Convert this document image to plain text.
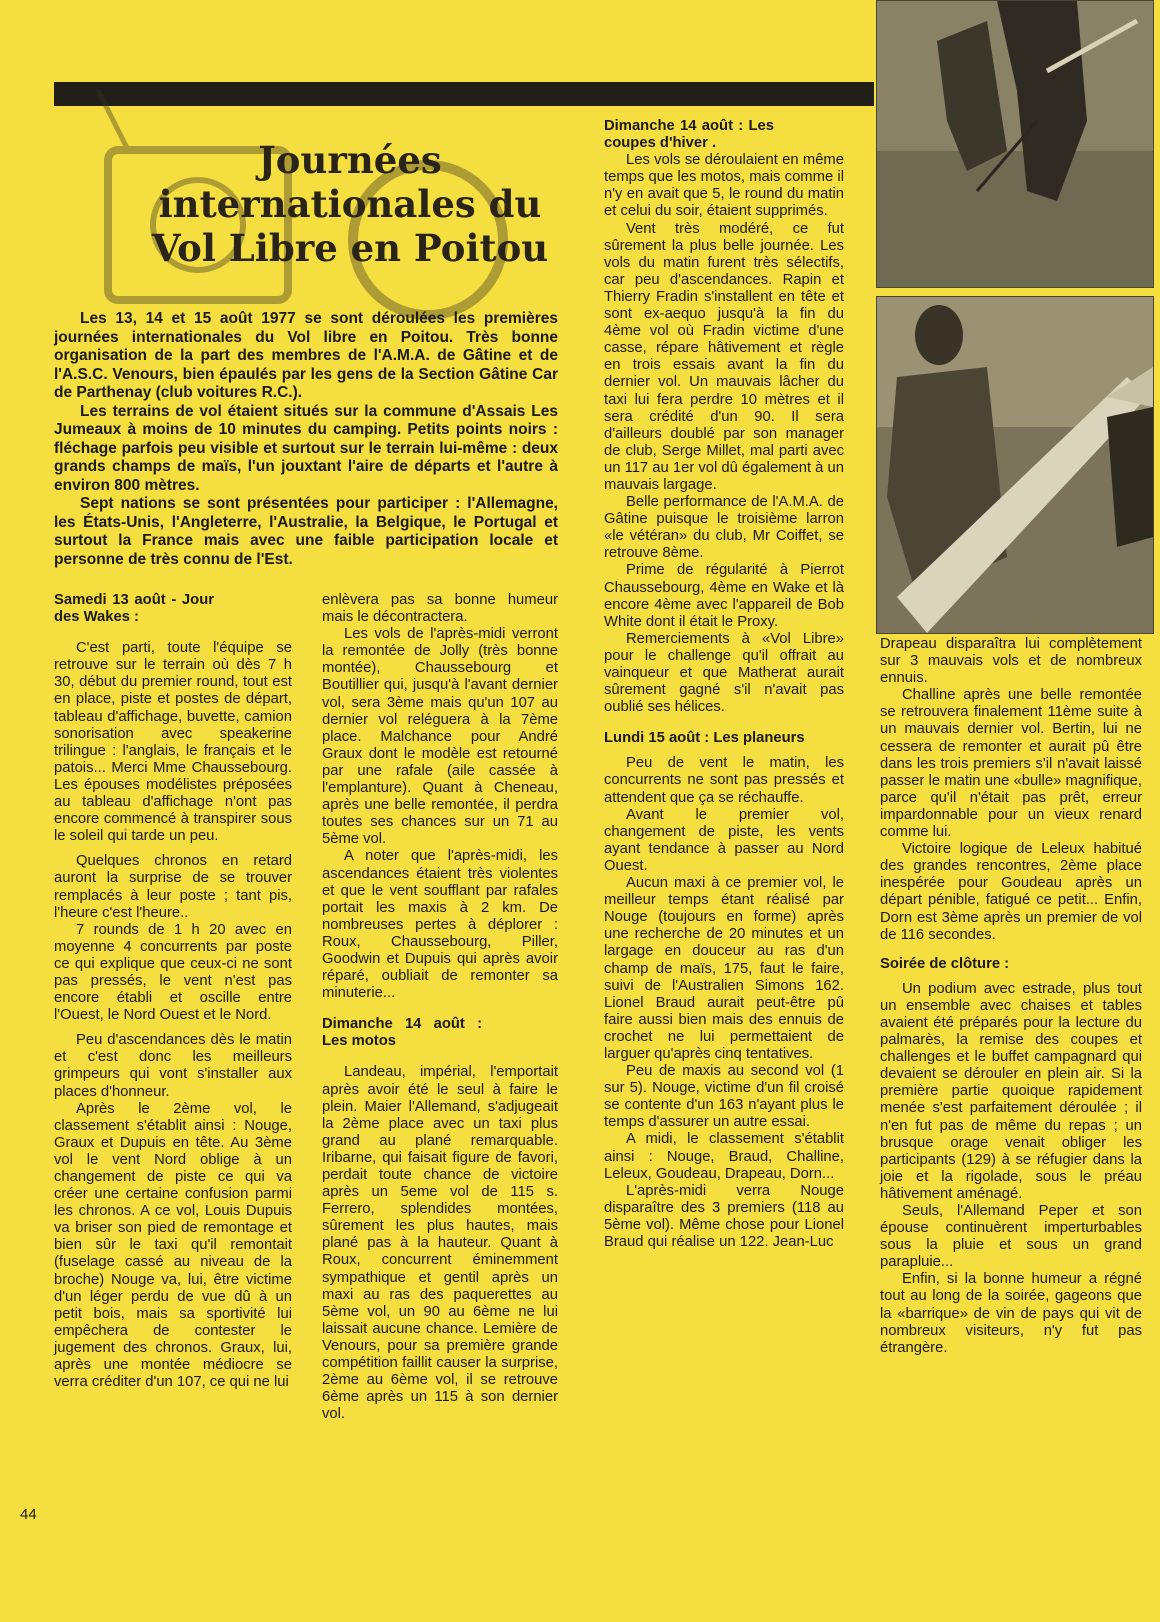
Journées internationales du Vol Libre en Poitou

Les 13, 14 et 15 août 1977 se sont déroulées les premières journées internationales du Vol libre en Poitou. Très bonne organisation de la part des membres de l'A.M.A. de Gâtine et de l'A.S.C. Venours, bien épaulés par les gens de la Section Gâtine Car de Parthenay (club voitures R.C.).

Les terrains de vol étaient situés sur la commune d'Assais Les Jumeaux à moins de 10 minutes du camping. Petits points noirs : fléchage parfois peu visible et surtout sur le terrain lui-même : deux grands champs de maïs, l'un jouxtant l'aire de départs et l'autre à environ 800 mètres.

Sept nations se sont présentées pour participer : l'Allemagne, les États-Unis, l'Angleterre, l'Australie, la Belgique, le Portugal et surtout la France mais avec une faible participation locale et personne de très connu de l'Est.

Samedi 13 août - Jour des Wakes :

C'est parti, toute l'équipe se retrouve sur le terrain où dès 7 h 30, début du premier round, tout est en place, piste et postes de départ, tableau d'affichage, buvette, camion sonorisation avec speakerine trilingue : l'anglais, le français et le patois... Merci Mme Chaussebourg. Les épouses modélistes préposées au tableau d'affichage n'ont pas encore commencé à transpirer sous le soleil qui tarde un peu.

Quelques chronos en retard auront la surprise de se trouver remplacés à leur poste ; tant pis, l'heure c'est l'heure..

7 rounds de 1 h 20 avec en moyenne 4 concurrents par poste ce qui explique que ceux-ci ne sont pas pressés, le vent n'est pas encore établi et oscille entre l'Ouest, le Nord Ouest et le Nord.

Peu d'ascendances dès le matin et c'est donc les meilleurs grimpeurs qui vont s'installer aux places d'honneur.

Après le 2ème vol, le classement s'établit ainsi : Nouge, Graux et Dupuis en tête. Au 3ème vol le vent Nord oblige à un changement de piste ce qui va créer une certaine confusion parmi les chronos. A ce vol, Louis Dupuis va briser son pied de remontage et bien sûr le taxi qu'il remontait (fuselage cassé au niveau de la broche) Nouge va, lui, être victime d'un léger perdu de vue dû à un petit bois, mais sa sportivité lui empêchera de contester le jugement des chronos. Graux, lui, après une montée médiocre se verra créditer d'un 107, ce qui ne lui

enlèvera pas sa bonne humeur mais le décontractera.

Les vols de l'après-midi verront la remontée de Jolly (très bonne montée), Chaussebourg et Boutillier qui, jusqu'à l'avant dernier vol, sera 3ème mais qu'un 107 au dernier vol reléguera à la 7ème place. Malchance pour André Graux dont le modèle est retourné par une rafale (aile cassée à l'emplanture). Quant à Cheneau, après une belle remontée, il perdra toutes ses chances sur un 71 au 5ème vol.

A noter que l'après-midi, les ascendances étaient très violentes et que le vent soufflant par rafales portait les maxis à 2 km. De nombreuses pertes à déplorer : Roux, Chaussebourg, Piller, Goodwin et Dupuis qui après avoir réparé, oubliait de remonter sa minuterie...

Dimanche 14 août : Les motos

Landeau, impérial, l'emportait après avoir été le seul à faire le plein. Maier l'Allemand, s'adjugeait la 2ème place avec un taxi plus grand au plané remarquable. Iribarne, qui faisait figure de favori, perdait toute chance de victoire après un 5eme vol de 115 s. Ferrero, splendides montées, sûrement les plus hautes, mais plané pas à la hauteur. Quant à Roux, concurrent éminemment sympathique et gentil après un maxi au ras des paquerettes au 5ème vol, un 90 au 6ème ne lui laissait aucune chance. Lemière de Venours, pour sa première grande compétition faillit causer la surprise, 2ème au 6ème vol, il se retrouve 6ème après un 115 à son dernier vol.

Dimanche 14 août : Les coupes d'hiver .

Les vols se déroulaient en même temps que les motos, mais comme il n'y en avait que 5, le round du matin et celui du soir, étaient supprimés.

Vent très modéré, ce fut sûrement la plus belle journée. Les vols du matin furent très sélectifs, car peu d'ascendances. Rapin et Thierry Fradin s'installent en tête et sont ex-aequo jusqu'à la fin du 4ème vol où Fradin victime d'une casse, répare hâtivement et règle en trois essais avant la fin du dernier vol. Un mauvais lâcher du taxi lui fera perdre 10 mètres et il sera crédité d'un 90. Il sera d'ailleurs doublé par son manager de club, Serge Millet, mal parti avec un 117 au 1er vol dû également à un mauvais largage.

Belle performance de l'A.M.A. de Gâtine puisque le troisième larron «le vétéran» du club, Mr Coiffet, se retrouve 8ème.

Prime de régularité à Pierrot Chaussebourg, 4ème en Wake et là encore 4ème avec l'appareil de Bob White dont il était le Proxy.

Remerciements à «Vol Libre» pour le challenge qu'il offrait au vainqueur et que Matherat aurait sûrement gagné s'il n'avait pas oublié ses hélices.

Lundi 15 août : Les planeurs

Peu de vent le matin, les concurrents ne sont pas pressés et attendent que ça se réchauffe.

Avant le premier vol, changement de piste, les vents ayant tendance à passer au Nord Ouest.

Aucun maxi à ce premier vol, le meilleur temps étant réalisé par Nouge (toujours en forme) après une recherche de 20 minutes et un largage en douceur au ras d'un champ de maïs, 175, faut le faire, suivi de l'Australien Simons 162. Lionel Braud aurait peut-être pû faire aussi bien mais des ennuis de crochet ne lui permettaient de larguer qu'après cinq tentatives.

Peu de maxis au second vol (1 sur 5). Nouge, victime d'un fil croisé se contente d'un 163 n'ayant plus le temps d'assurer un autre essai.

A midi, le classement s'établit ainsi : Nouge, Braud, Challine, Leleux, Goudeau, Drapeau, Dorn...

L'après-midi verra Nouge disparaître des 3 premiers (118 au 5ème vol). Même chose pour Lionel Braud qui réalise un 122. Jean-Luc

Drapeau disparaîtra lui complètement sur 3 mauvais vols et de nombreux ennuis.

Challine après une belle remontée se retrouvera finalement 11ème suite à un mauvais dernier vol. Bertin, lui ne cessera de remonter et aurait pû être dans les trois premiers s'il n'avait laissé passer le matin une «bulle» magnifique, parce qu'il n'était pas prêt, erreur impardonnable pour un vieux renard comme lui.

Victoire logique de Leleux habitué des grandes rencontres, 2ème place inespérée pour Goudeau après un départ pénible, fatigué ce petit... Enfin, Dorn est 3ème après un premier de vol de 116 secondes.

Soirée de clôture :

Un podium avec estrade, plus tout un ensemble avec chaises et tables avaient été préparés pour la lecture du palmarès, la remise des coupes et challenges et le buffet campagnard qui devaient se dérouler en plein air. Si la première partie quoique rapidement menée s'est parfaitement déroulée ; il n'en fut pas de même du repas ; un brusque orage venait obliger les participants (129) à se réfugier dans la joie et la rigolade, sous le préau hâtivement aménagé.

Seuls, l'Allemand Peper et son épouse continuèrent imperturbables sous la pluie et sous un grand parapluie...

Enfin, si la bonne humeur a régné tout au long de la soirée, gageons que la «barrique» de vin de pays qui vit de nombreux visiteurs, n'y fut pas étrangère.

44
